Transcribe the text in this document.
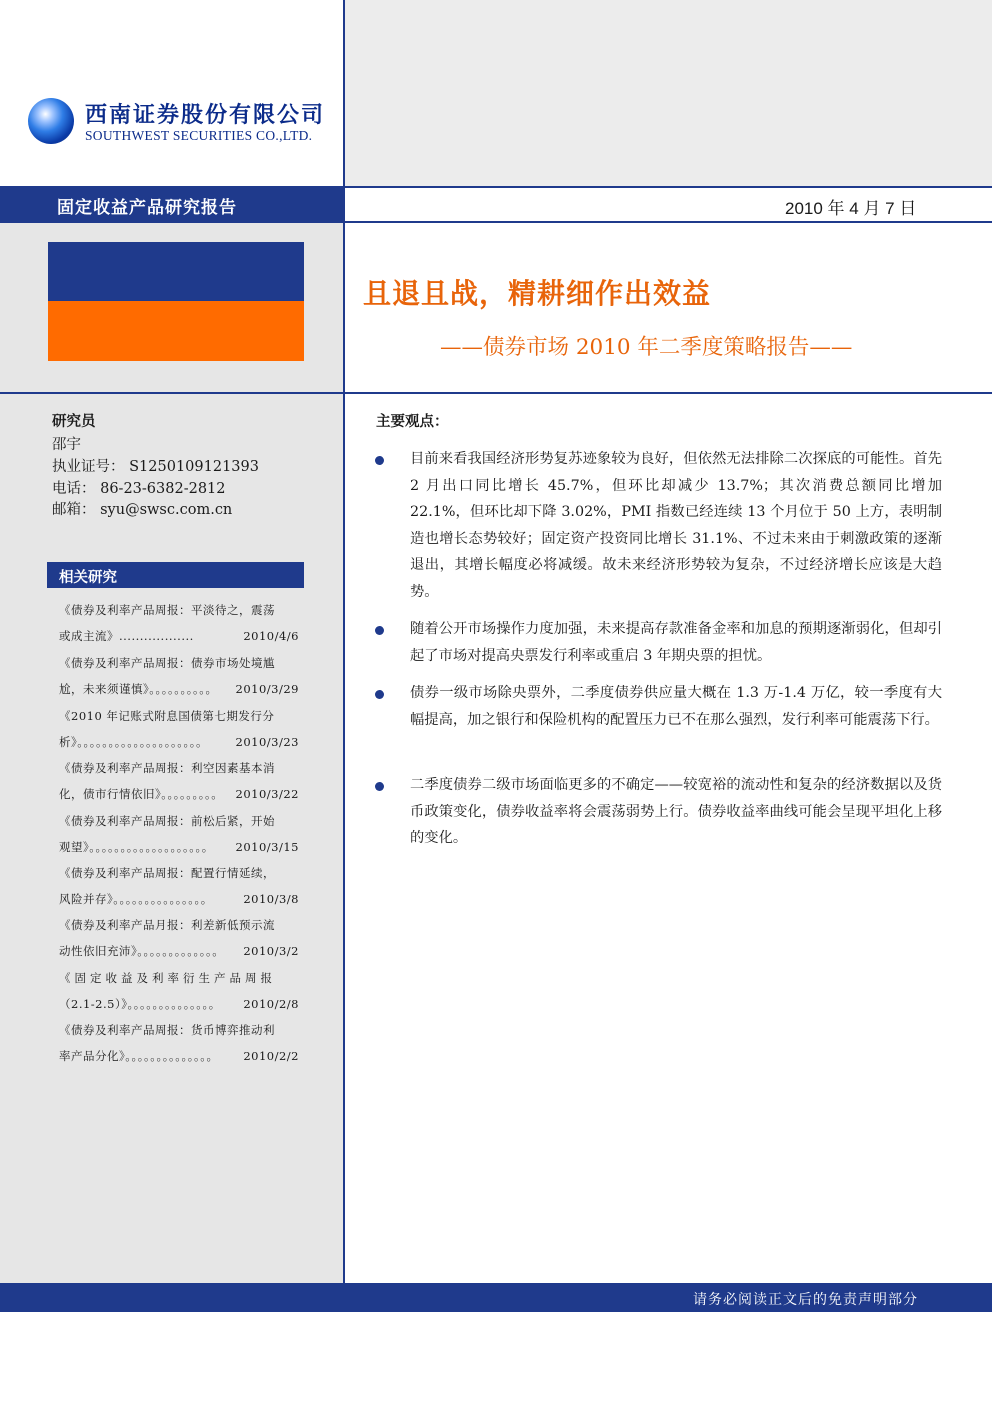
西南证券股份有限公司
SOUTHWEST SECURITIES CO.,LTD.
固定收益产品研究报告	2010 年 4 月 7 日
且退且战，精耕细作出效益
——债券市场 2010 年二季度策略报告——
研究员
邵宇
执业证号： S1250109121393
电话： 86-23-6382-2812
邮箱： syu@swsc.com.cn
相关研究
《债券及利率产品周报：平淡待之，震荡
或成主流》..................	2010/4/6
《债券及利率产品周报：债券市场处境尴
尬，未来须谨慎》。。。。。。。。。。 2010/3/29
《2010 年记账式附息国债第七期发行分
析》。。。。。。。。。。。。。。。。。。。。 2010/3/23
《债券及利率产品周报：利空因素基本消
化，债市行情依旧》。。。。。。。。。 2010/3/22
《债券及利率产品周报：前松后紧，开始
观望》。。。。。。。。。。。。。。。。。。。 2010/3/15
《债券及利率产品周报：配置行情延续，
风险并存》。。。。。。。。。。。。。。。	2010/3/8
《债券及利率产品月报：利差新低预示流
动性依旧充沛》。。。。。。。。。。。。。 2010/3/2
《固定收益及利率衍生产品周报
（2.1-2.5）》。。。。。。。。。。。。。。 2010/2/8
《债券及利率产品周报：货币博弈推动利
率产品分化》。。。。。。。。。。。。。。 2010/2/2
主要观点：
目前来看我国经济形势复苏迹象较为良好，但依然无法排除二次探底的可能性。首先 2 月出口同比增长 45.7%，但环比却减少 13.7%；其次消费总额同比增加 22.1%，但环比却下降 3.02%，PMI 指数已经连续 13 个月位于 50 上方，表明制造也增长态势较好；固定资产投资同比增长 31.1%、不过未来由于刺激政策的逐渐退出，其增长幅度必将减缓。故未来经济形势较为复杂，不过经济增长应该是大趋势。
随着公开市场操作力度加强，未来提高存款准备金率和加息的预期逐渐弱化，但却引起了市场对提高央票发行利率或重启 3 年期央票的担忧。
债券一级市场除央票外，二季度债券供应量大概在 1.3 万-1.4 万亿，较一季度有大幅提高，加之银行和保险机构的配置压力已不在那么强烈，发行利率可能震荡下行。
二季度债券二级市场面临更多的不确定——较宽裕的流动性和复杂的经济数据以及货币政策变化，债券收益率将会震荡弱势上行。债券收益率曲线可能会呈现平坦化上移的变化。
请务必阅读正文后的免责声明部分
